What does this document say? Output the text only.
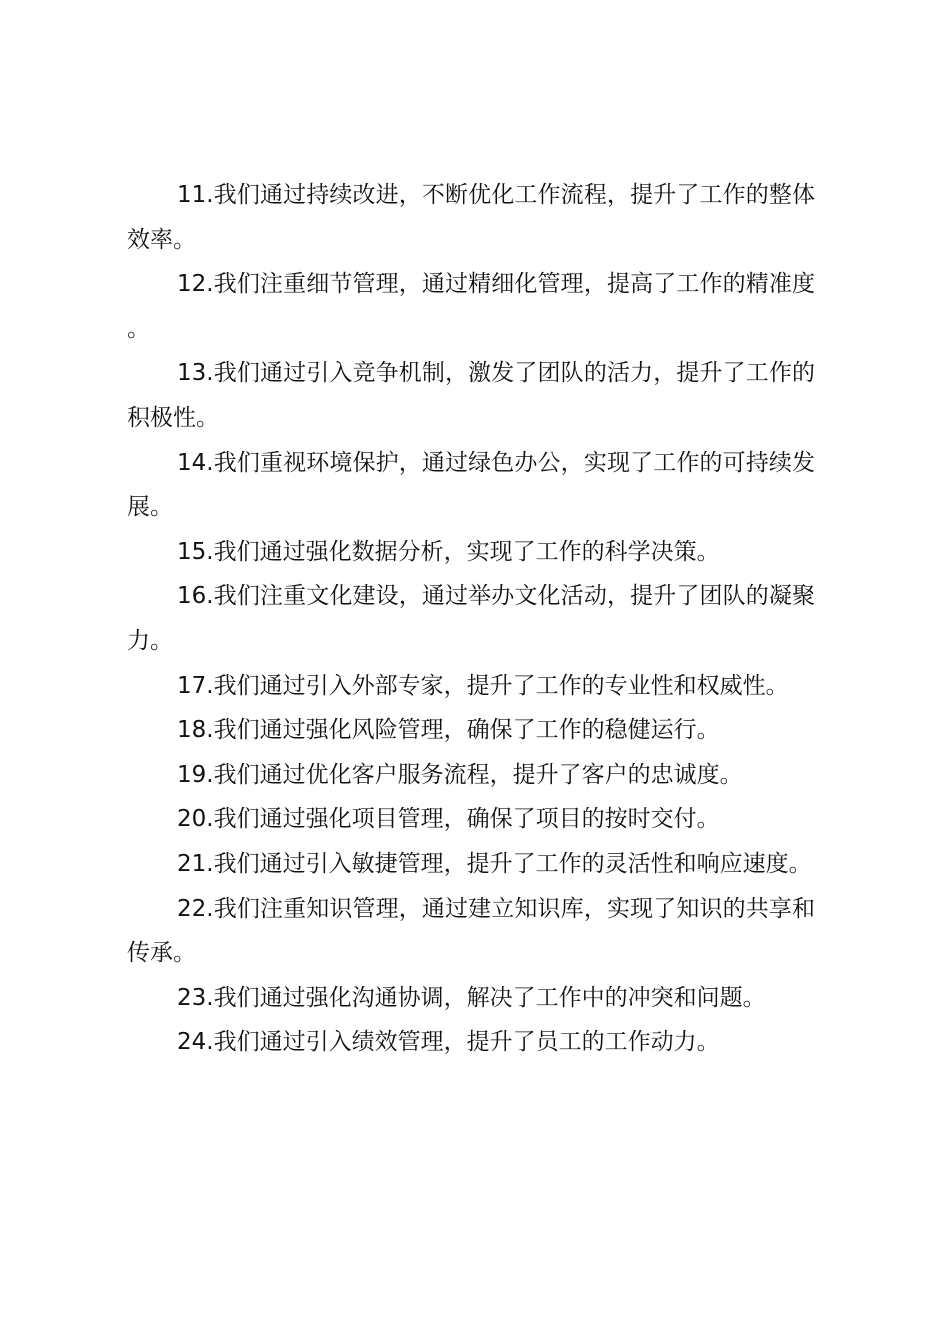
11.我们通过持续改进，不断优化工作流程，提升了工作的整体效率。

12.我们注重细节管理，通过精细化管理，提高了工作的精准度。

13.我们通过引入竞争机制，激发了团队的活力，提升了工作的积极性。

14.我们重视环境保护，通过绿色办公，实现了工作的可持续发展。

15.我们通过强化数据分析，实现了工作的科学决策。

16.我们注重文化建设，通过举办文化活动，提升了团队的凝聚力。

17.我们通过引入外部专家，提升了工作的专业性和权威性。

18.我们通过强化风险管理，确保了工作的稳健运行。

19.我们通过优化客户服务流程，提升了客户的忠诚度。

20.我们通过强化项目管理，确保了项目的按时交付。

21.我们通过引入敏捷管理，提升了工作的灵活性和响应速度。

22.我们注重知识管理，通过建立知识库，实现了知识的共享和传承。

23.我们通过强化沟通协调，解决了工作中的冲突和问题。

24.我们通过引入绩效管理，提升了员工的工作动力。
